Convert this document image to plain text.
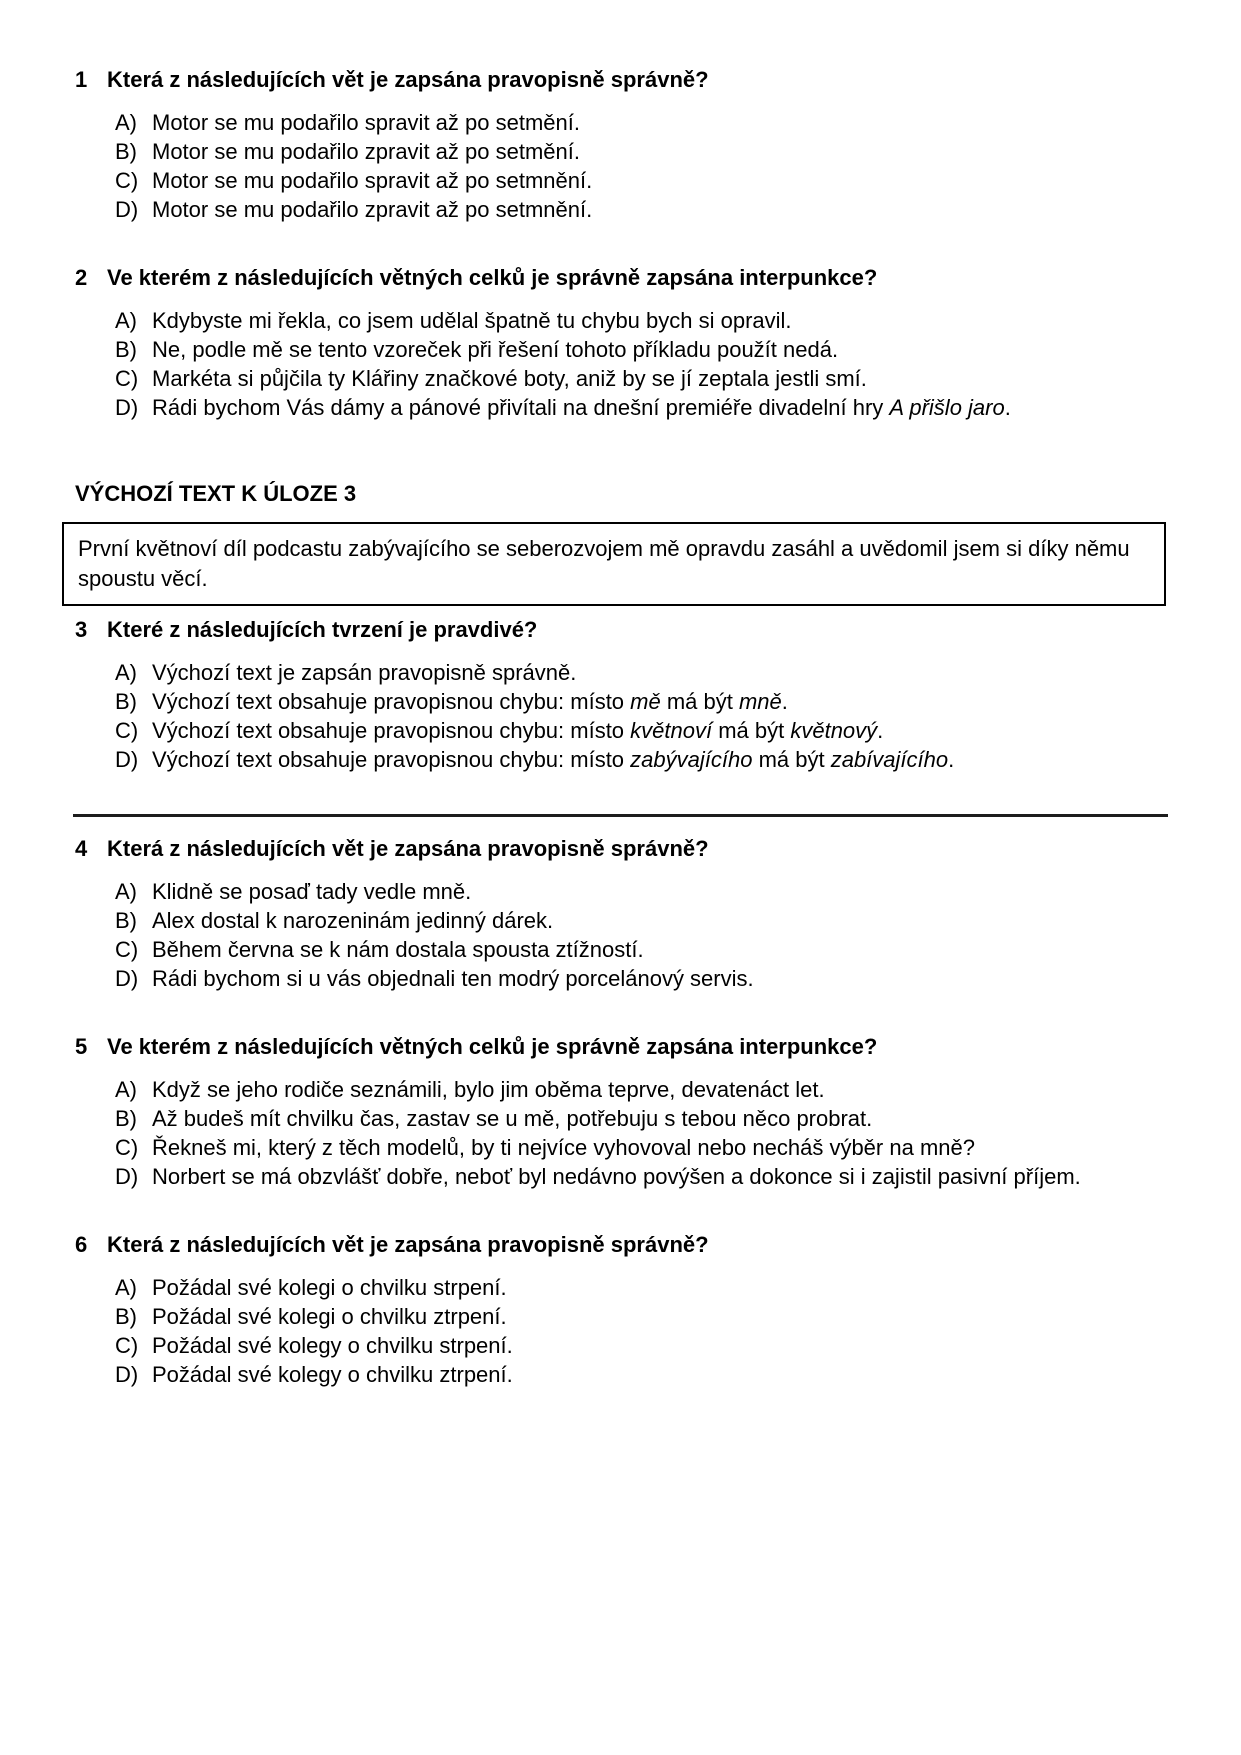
1 Která z následujících vět je zapsána pravopisně správně?
A) Motor se mu podařilo spravit až po setmění.
B) Motor se mu podařilo zpravit až po setmění.
C) Motor se mu podařilo spravit až po setmnění.
D) Motor se mu podařilo zpravit až po setmnění.
2 Ve kterém z následujících větných celků je správně zapsána interpunkce?
A) Kdybyste mi řekla, co jsem udělal špatně tu chybu bych si opravil.
B) Ne, podle mě se tento vzoreček při řešení tohoto příkladu použít nedá.
C) Markéta si půjčila ty Klářiny značkové boty, aniž by se jí zeptala jestli smí.
D) Rádi bychom Vás dámy a pánové přivítali na dnešní premiéře divadelní hry A přišlo jaro.
VÝCHOZÍ TEXT K ÚLOZE 3

První květnoví díl podcastu zabývajícího se seberozvojem mě opravdu zasáhl a uvědomil jsem si díky němu spoustu věcí.

3 Které z následujících tvrzení je pravdivé?
A) Výchozí text je zapsán pravopisně správně.
B) Výchozí text obsahuje pravopisnou chybu: místo mě má být mně.
C) Výchozí text obsahuje pravopisnou chybu: místo květnoví má být květnový.
D) Výchozí text obsahuje pravopisnou chybu: místo zabývajícího má být zabívajícího.
4 Která z následujících vět je zapsána pravopisně správně?
A) Klidně se posaď tady vedle mně.
B) Alex dostal k narozeninám jedinný dárek.
C) Během června se k nám dostala spousta ztížností.
D) Rádi bychom si u vás objednali ten modrý porcelánový servis.
5 Ve kterém z následujících větných celků je správně zapsána interpunkce?
A) Když se jeho rodiče seznámili, bylo jim oběma teprve, devatenáct let.
B) Až budeš mít chvilku čas, zastav se u mě, potřebuju s tebou něco probrat.
C) Řekneš mi, který z těch modelů, by ti nejvíce vyhovoval nebo necháš výběr na mně?
D) Norbert se má obzvlášť dobře, neboť byl nedávno povýšen a dokonce si i zajistil pasivní příjem.
6 Která z následujících vět je zapsána pravopisně správně?
A) Požádal své kolegi o chvilku strpení.
B) Požádal své kolegi o chvilku ztrpení.
C) Požádal své kolegy o chvilku strpení.
D) Požádal své kolegy o chvilku ztrpení.
